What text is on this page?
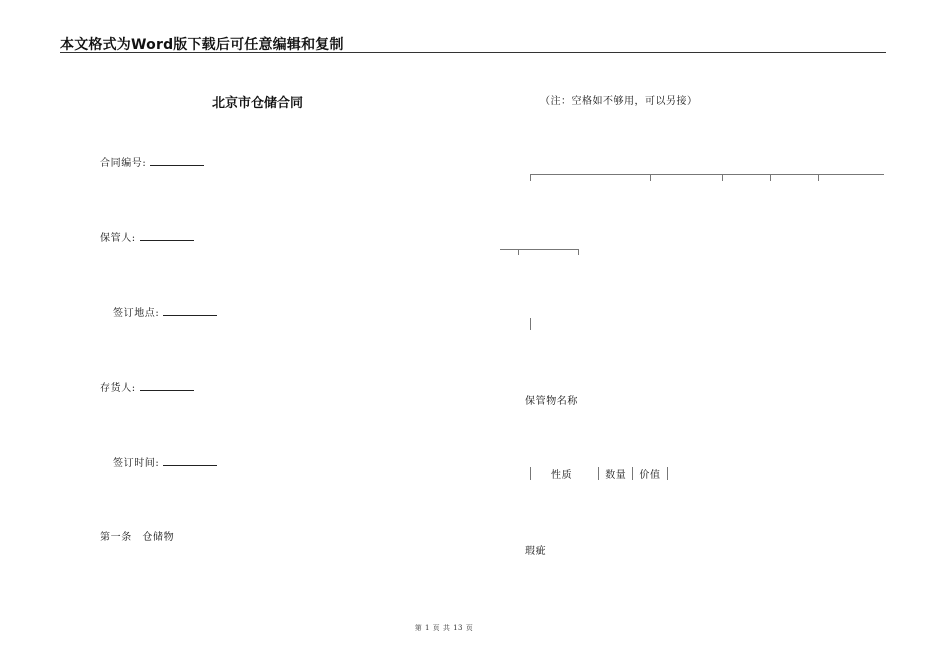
本文格式为Word版下载后可任意编辑和复制
北京市仓储合同	（注：空格如不够用，可以另接）
合同编号:
保管人:
签订地点:
存货人:
签订时间:
第一条　仓储物
保管物名称
性质	数量	价值
瑕疵
第 1 页 共 13 页
